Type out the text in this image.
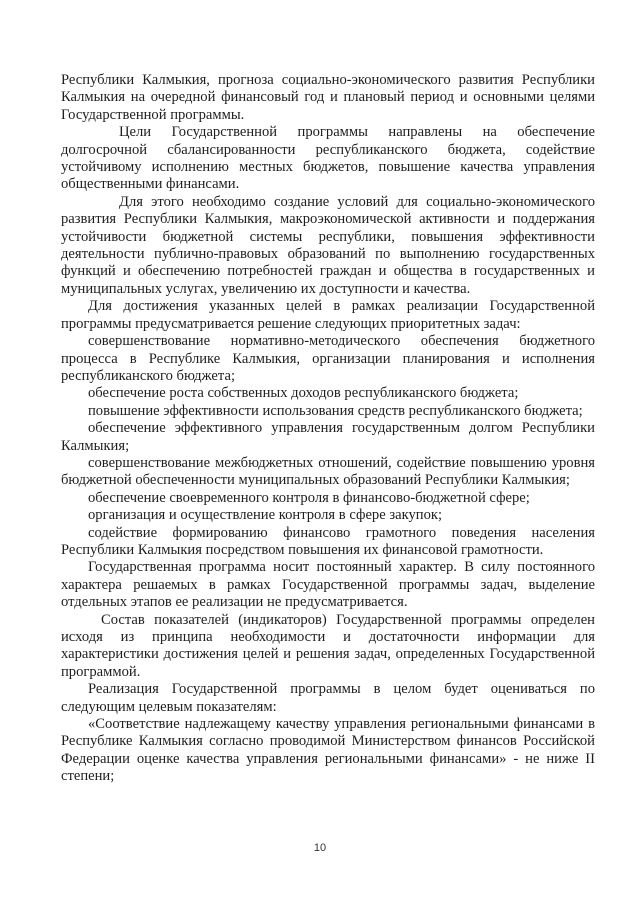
Республики Калмыкия, прогноза социально-экономического развития Республики Калмыкия на очередной финансовый год и плановый период и основными целями Государственной программы.

Цели Государственной программы направлены на обеспечение долгосрочной сбалансированности республиканского бюджета, содействие устойчивому исполнению местных бюджетов, повышение качества управления общественными финансами.

Для этого необходимо создание условий для социально-экономического развития Республики Калмыкия, макроэкономической активности и поддержания устойчивости бюджетной системы республики, повышения эффективности деятельности публично-правовых образований по выполнению государственных функций и обеспечению потребностей граждан и общества в государственных и муниципальных услугах, увеличению их доступности и качества.

Для достижения указанных целей в рамках реализации Государственной программы предусматривается решение следующих приоритетных задач:

совершенствование нормативно-методического обеспечения бюджетного процесса в Республике Калмыкия, организации планирования и исполнения республиканского бюджета;

обеспечение роста собственных доходов республиканского бюджета;

повышение эффективности использования средств республиканского бюджета;

обеспечение эффективного управления государственным долгом Республики Калмыкия;

совершенствование межбюджетных отношений, содействие повышению уровня бюджетной обеспеченности муниципальных образований Республики Калмыкия;

обеспечение своевременного контроля в финансово-бюджетной сфере;

организация и осуществление контроля в сфере закупок;

содействие формированию финансово грамотного поведения населения Республики Калмыкия посредством повышения их финансовой грамотности.

Государственная программа носит постоянный характер. В силу постоянного характера решаемых в рамках Государственной программы задач, выделение отдельных этапов ее реализации не предусматривается.

Состав показателей (индикаторов) Государственной программы определен исходя из принципа необходимости и достаточности информации для характеристики достижения целей и решения задач, определенных Государственной программой.

Реализация Государственной программы в целом будет оцениваться по следующим целевым показателям:

«Соответствие надлежащему качеству управления региональными финансами в Республике Калмыкия согласно проводимой Министерством финансов Российской Федерации оценке качества управления региональными финансами» - не ниже II степени;

10
